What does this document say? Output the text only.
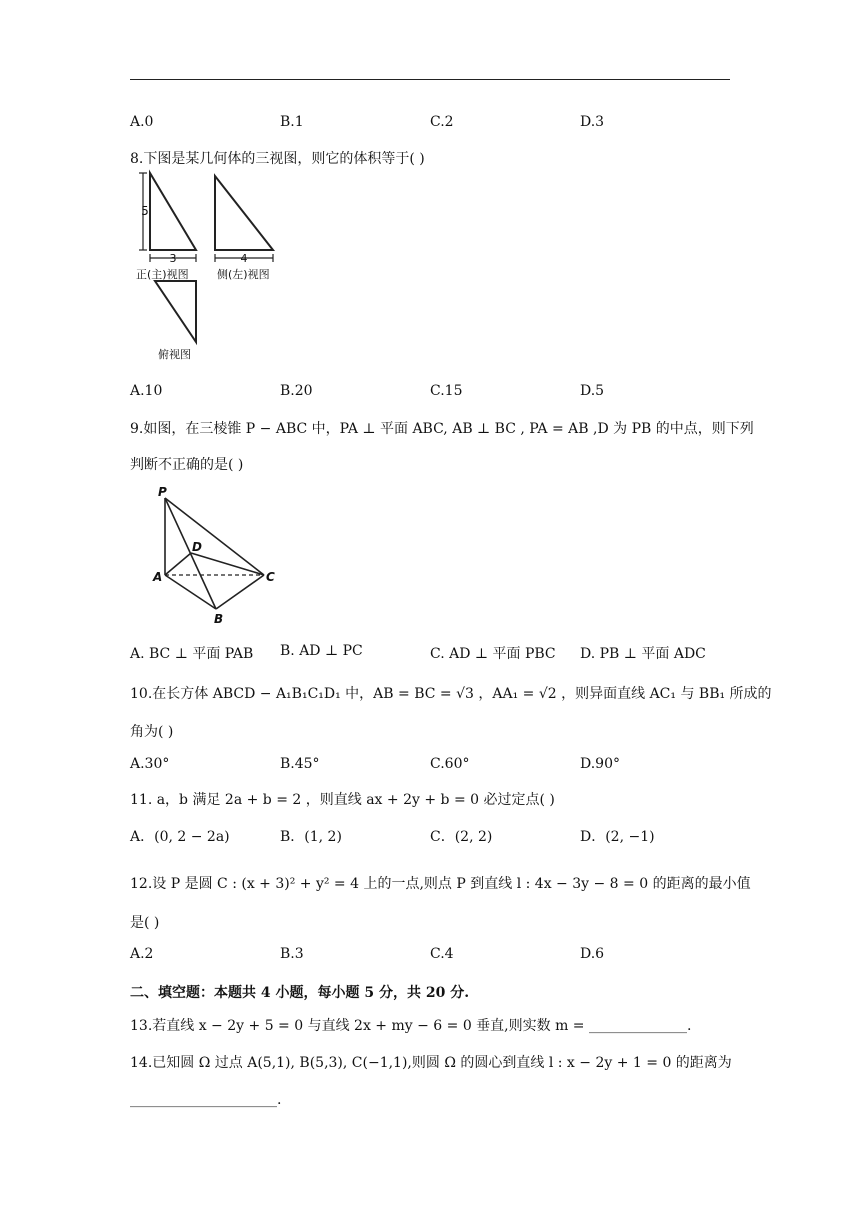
A.0	B.1	C.2	D.3
8.下图是某几何体的三视图，则它的体积等于( )
5
3
正(主)视图
4
侧(左)视图
俯视图
A.10	B.20	C.15	D.5
9.如图，在三棱锥 P − ABC 中，PA ⊥ 平面 ABC, AB ⊥ BC , PA = AB ,D 为 PB 的中点，则下列
判断不正确的是( )
P
D
A	C
B
A. BC ⊥ 平面 PAB B. AD ⊥ PC	C. AD ⊥ 平面 PBC D. PB ⊥ 平面 ADC
10.在长方体 ABCD − A₁B₁C₁D₁ 中，AB = BC = √3 ，AA₁ = √2 ，则异面直线 AC₁ 与 BB₁ 所成的
角为( )
A.30°	B.45°	C.60°	D.90°
11. a，b 满足 2a + b = 2 ，则直线 ax + 2y + b = 0 必过定点( )
A．(0, 2 − 2a)	B．(1, 2)	C．(2, 2)	D．(2, −1)
12.设 P 是圆 C : (x + 3)² + y² = 4 上的一点,则点 P 到直线 l : 4x − 3y − 8 = 0 的距离的最小值
是( )
A.2	B.3	C.4	D.6
二、填空题：本题共 4 小题，每小题 5 分，共 20 分.
13.若直线 x − 2y + 5 = 0 与直线 2x + my − 6 = 0 垂直,则实数 m = ______________.
14.已知圆 Ω 过点 A(5,1), B(5,3), C(−1,1),则圆 Ω 的圆心到直线 l : x − 2y + 1 = 0 的距离为
_____________________.
